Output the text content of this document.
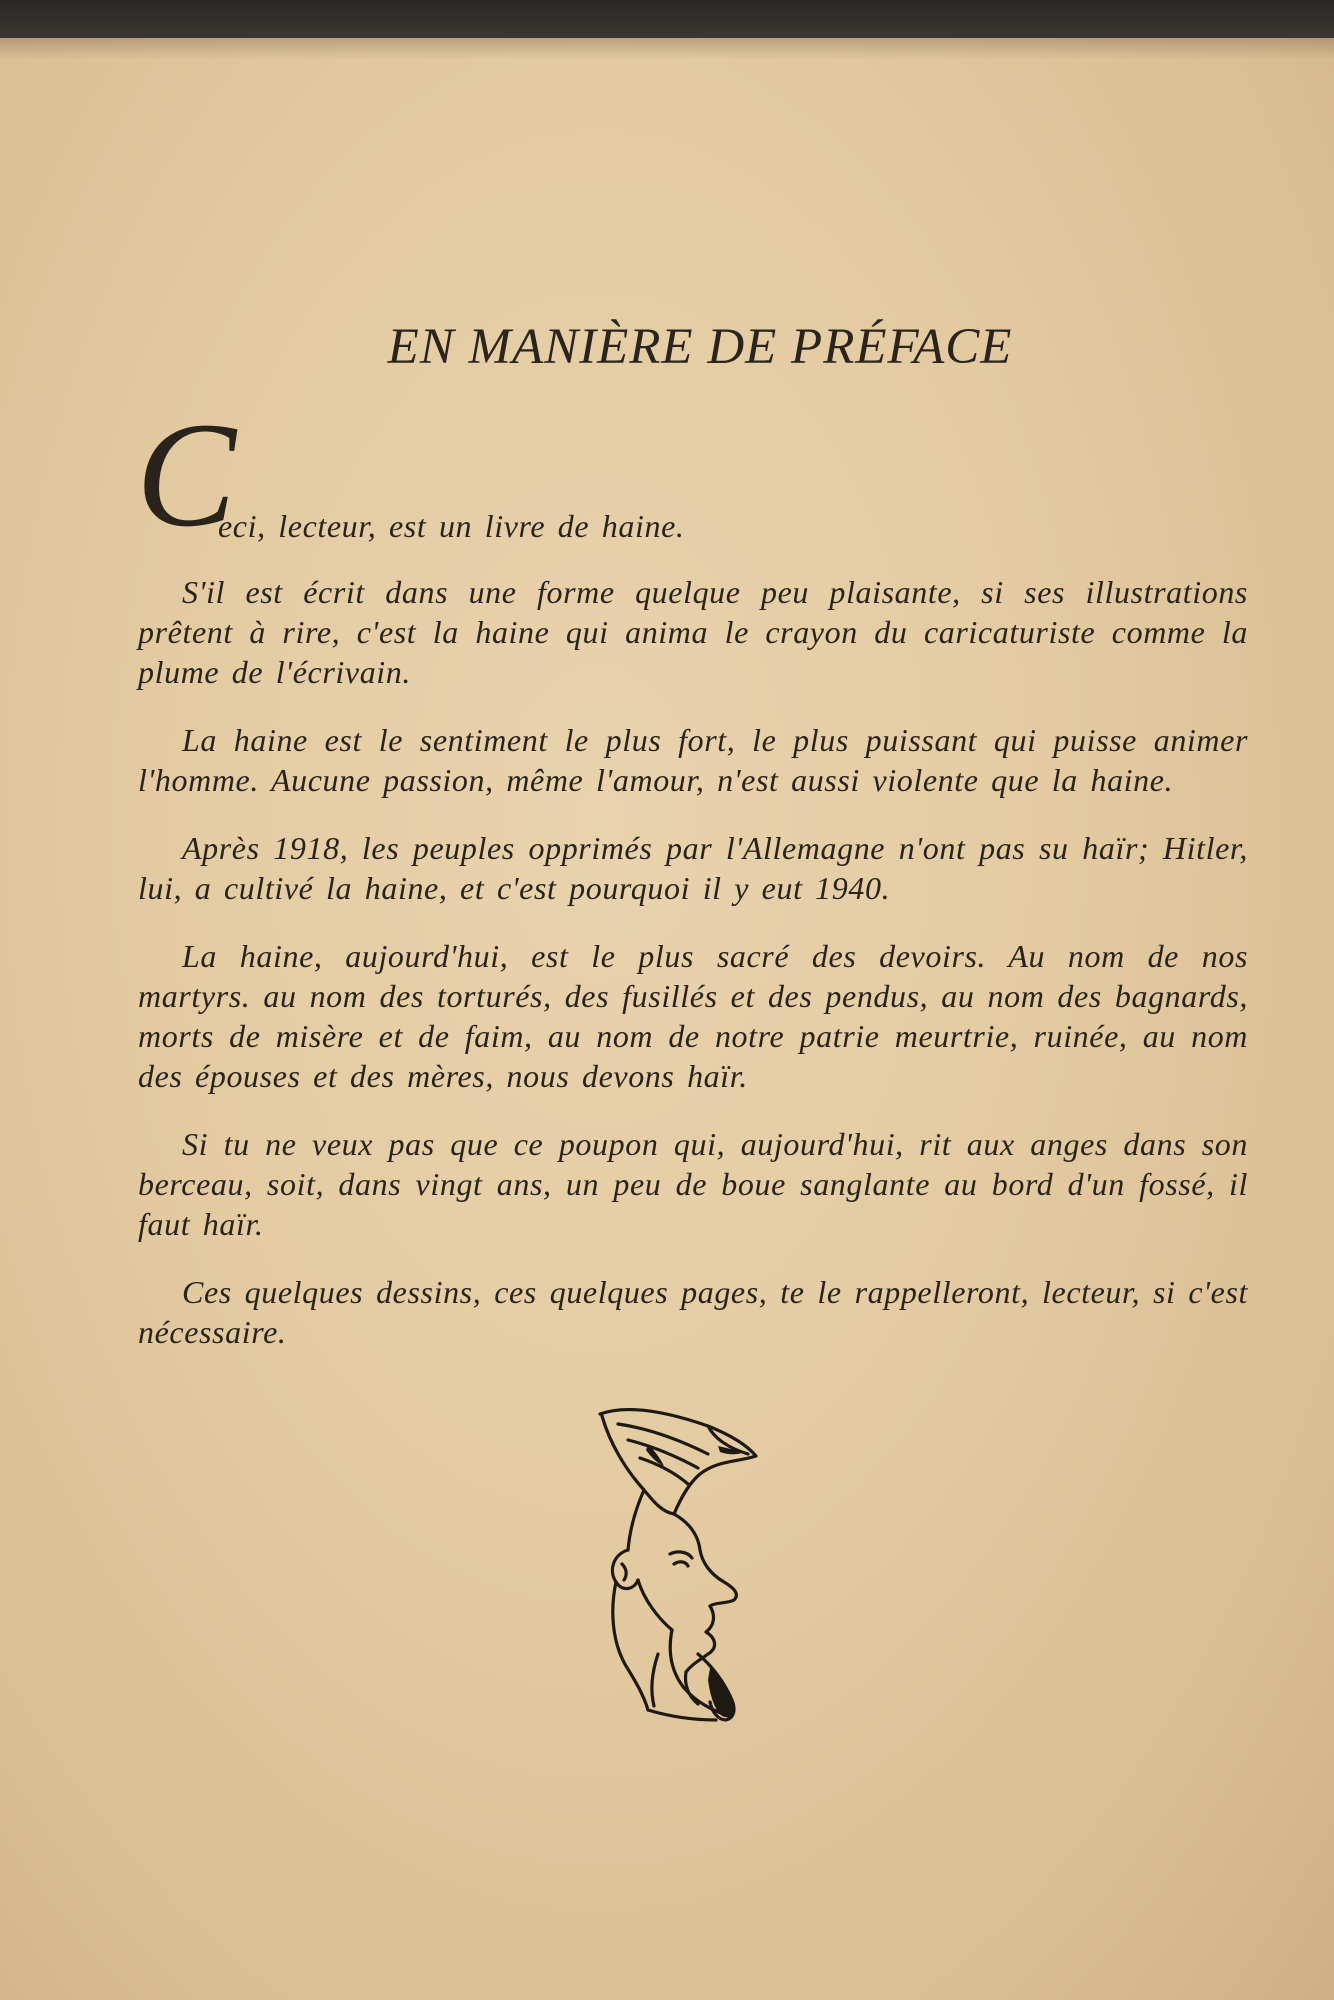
EN MANIÈRE DE PRÉFACE

C
eci, lecteur, est un livre de haine.

S'il est écrit dans une forme quelque peu plaisante, si ses illustrations prêtent à rire, c'est la haine qui anima le crayon du caricaturiste comme la plume de l'écrivain.

La haine est le sentiment le plus fort, le plus puissant qui puisse animer l'homme. Aucune passion, même l'amour, n'est aussi violente que la haine.

Après 1918, les peuples opprimés par l'Allemagne n'ont pas su haïr; Hitler, lui, a cultivé la haine, et c'est pourquoi il y eut 1940.

La haine, aujourd'hui, est le plus sacré des devoirs. Au nom de nos martyrs. au nom des torturés, des fusillés et des pendus, au nom des bagnards, morts de misère et de faim, au nom de notre patrie meurtrie, ruinée, au nom des épouses et des mères, nous devons haïr.

Si tu ne veux pas que ce poupon qui, aujourd'hui, rit aux anges dans son berceau, soit, dans vingt ans, un peu de boue sanglante au bord d'un fossé, il faut haïr.

Ces quelques dessins, ces quelques pages, te le rappelleront, lecteur, si c'est nécessaire.
